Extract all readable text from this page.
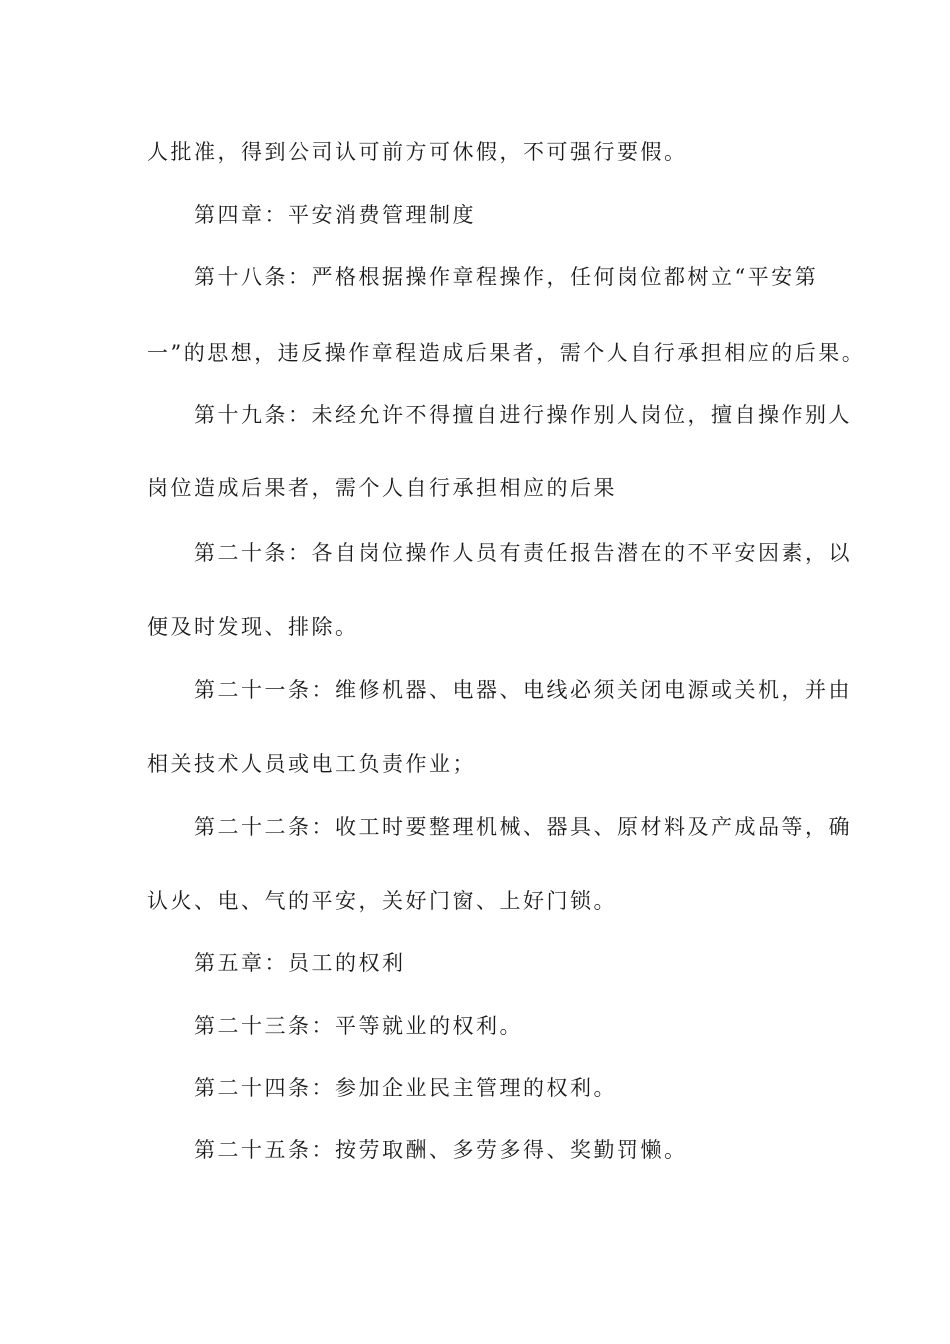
人批准，得到公司认可前方可休假，不可强行要假。
第四章：平安消费管理制度
第十八条：严格根据操作章程操作，任何岗位都树立“平安第
一”的思想，违反操作章程造成后果者，需个人自行承担相应的后果。
第十九条：未经允许不得擅自进行操作别人岗位，擅自操作别人
岗位造成后果者，需个人自行承担相应的后果
第二十条：各自岗位操作人员有责任报告潜在的不平安因素，以
便及时发现、排除。
第二十一条：维修机器、电器、电线必须关闭电源或关机，并由
相关技术人员或电工负责作业；
第二十二条：收工时要整理机械、器具、原材料及产成品等，确
认火、电、气的平安，关好门窗、上好门锁。
第五章：员工的权利
第二十三条：平等就业的权利。
第二十四条：参加企业民主管理的权利。
第二十五条：按劳取酬、多劳多得、奖勤罚懒。
